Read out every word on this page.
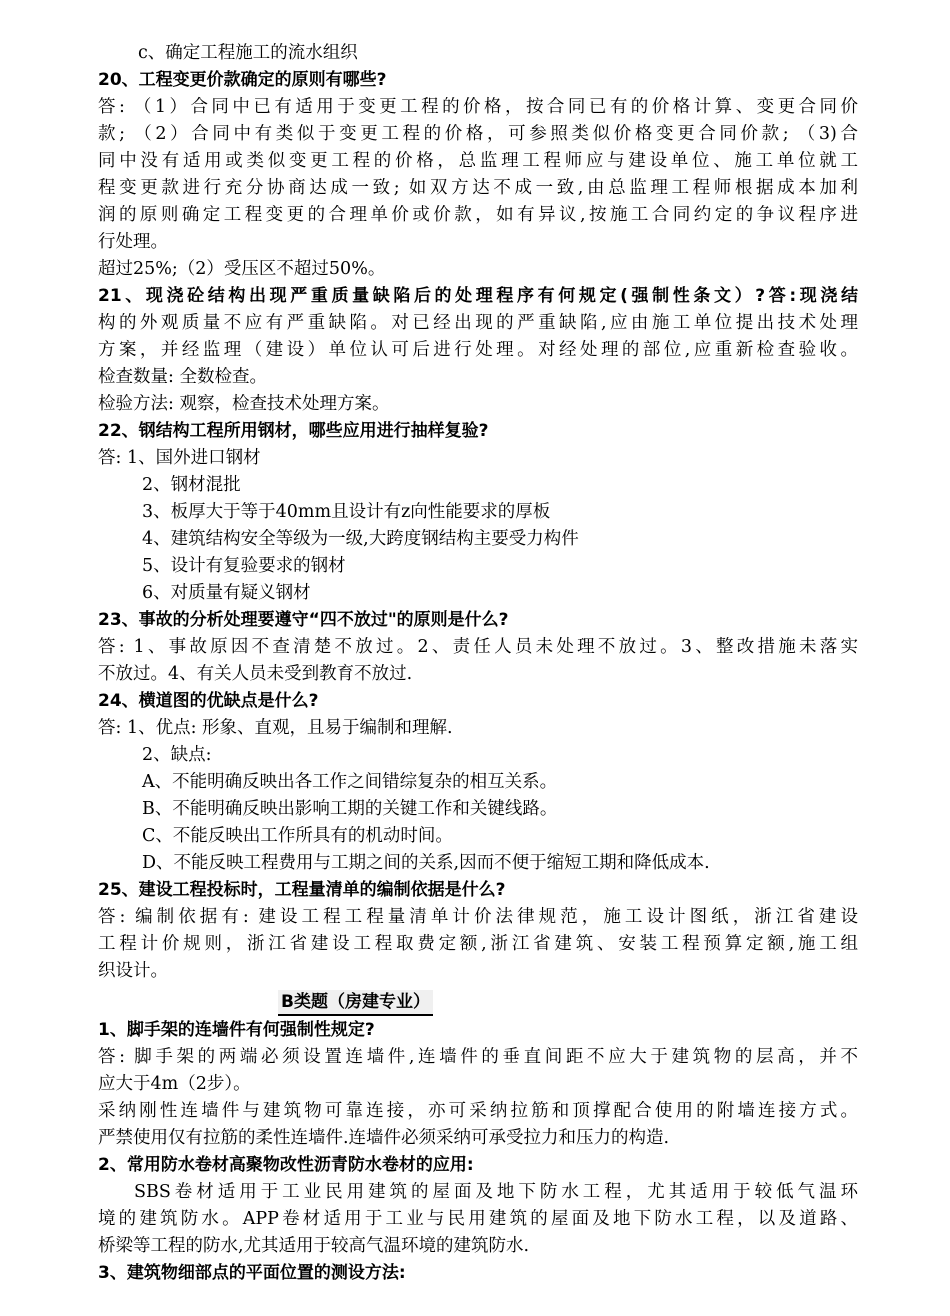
c、确定工程施工的流水组织
20、工程变更价款确定的原则有哪些?
答: （1）合同中已有适用于变更工程的价格，按合同已有的价格计算、变更合同价
款; （2）合同中有类似于变更工程的价格，可参照类似价格变更合同价款; （3)合
同中没有适用或类似变更工程的价格，总监理工程师应与建设单位、施工单位就工
程变更款进行充分协商达成一致; 如双方达不成一致,由总监理工程师根据成本加利
润的原则确定工程变更的合理单价或价款，如有异议,按施工合同约定的争议程序进
行处理。
超过25%;（2）受压区不超过50%。
21、现浇砼结构出现严重质量缺陷后的处理程序有何规定(强制性条文）?答:现浇结
构的外观质量不应有严重缺陷。对已经出现的严重缺陷,应由施工单位提出技术处理
方案，并经监理（建设）单位认可后进行处理。对经处理的部位,应重新检查验收。
检查数量: 全数检查。
检验方法: 观察，检查技术处理方案。
22、钢结构工程所用钢材，哪些应用进行抽样复验?
答: 1、国外进口钢材
2、钢材混批
3、板厚大于等于40mm且设计有z向性能要求的厚板
4、建筑结构安全等级为一级,大跨度钢结构主要受力构件
5、设计有复验要求的钢材
6、对质量有疑义钢材
23、事故的分析处理要遵守“四不放过"的原则是什么?
答: 1、事故原因不查清楚不放过。2、责任人员未处理不放过。3、整改措施未落实
不放过。4、有关人员未受到教育不放过.
24、横道图的优缺点是什么?
答: 1、优点: 形象、直观，且易于编制和理解.
2、缺点:
A、不能明确反映出各工作之间错综复杂的相互关系。
B、不能明确反映出影响工期的关键工作和关键线路。
C、不能反映出工作所具有的机动时间。
D、不能反映工程费用与工期之间的关系,因而不便于缩短工期和降低成本.
25、建设工程投标时，工程量清单的编制依据是什么?
答: 编制依据有: 建设工程工程量清单计价法律规范，施工设计图纸，浙江省建设
工程计价规则，浙江省建设工程取费定额,浙江省建筑、安装工程预算定额,施工组
织设计。
B类题（房建专业）
1、脚手架的连墙件有何强制性规定?
答: 脚手架的两端必须设置连墙件,连墙件的垂直间距不应大于建筑物的层高，并不
应大于4m（2步）。
采纳刚性连墙件与建筑物可靠连接，亦可采纳拉筋和顶撑配合使用的附墙连接方式。
严禁使用仅有拉筋的柔性连墙件.连墙件必须采纳可承受拉力和压力的构造.
2、常用防水卷材高聚物改性沥青防水卷材的应用:
SBS卷材适用于工业民用建筑的屋面及地下防水工程，尤其适用于较低气温环
境的建筑防水。APP卷材适用于工业与民用建筑的屋面及地下防水工程，以及道路、
桥梁等工程的防水,尤其适用于较高气温环境的建筑防水.
3、建筑物细部点的平面位置的测设方法:
